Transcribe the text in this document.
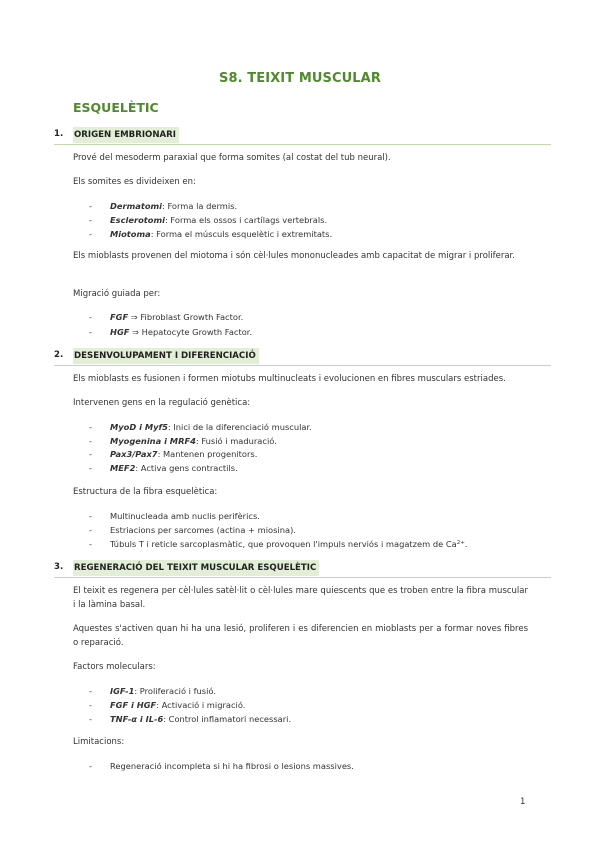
S8. TEIXIT MUSCULAR
ESQUELÈTIC
1. ORIGEN EMBRIONARI
Prové del mesoderm paraxial que forma somites (al costat del tub neural).
Els somites es divideixen en:
- Dermatomi: Forma la dermis.
- Esclerotomi: Forma els ossos i cartílags vertebrals.
- Miotoma: Forma el músculs esquelètic i extremitats.
Els mioblasts provenen del miotoma i són cèl·lules mononucleades amb capacitat de migrar i proliferar.
Migració guiada per:
- FGF ⇒ Fibroblast Growth Factor.
- HGF ⇒ Hepatocyte Growth Factor.
2. DESENVOLUPAMENT I DIFERENCIACIÓ
Els mioblasts es fusionen i formen miotubs multinucleats i evolucionen en fibres musculars estriades.
Intervenen gens en la regulació genètica:
- MyoD i Myf5: Inici de la diferenciació muscular.
- Myogenina i MRF4: Fusió i maduració.
- Pax3/Pax7: Mantenen progenitors.
- MEF2: Activa gens contractils.
Estructura de la fibra esquelètica:
- Multinucleada amb nuclis perifèrics.
- Estriacions per sarcomes (actina + miosina).
- Túbuls T i reticle sarcoplasmàtic, que provoquen l'impuls nerviós i magatzem de $Ca^{2+}$.
3. REGENERACIÓ DEL TEIXIT MUSCULAR ESQUELÈTIC
El teixit es regenera per cèl·lules satèl·lit o cèl·lules mare quiescents que es troben entre la fibra muscular i la làmina basal.
Aquestes s'activen quan hi ha una lesió, proliferen i es diferencien en mioblasts per a formar noves fibres o reparació.
Factors moleculars:
- IGF-1: Proliferació i fusió.
- FGF i HGF: Activació i migració.
- TNF-α i IL-6: Control inflamatori necessari.
Limitacions:
- Regeneració incompleta si hi ha fibrosi o lesions massives.
1
